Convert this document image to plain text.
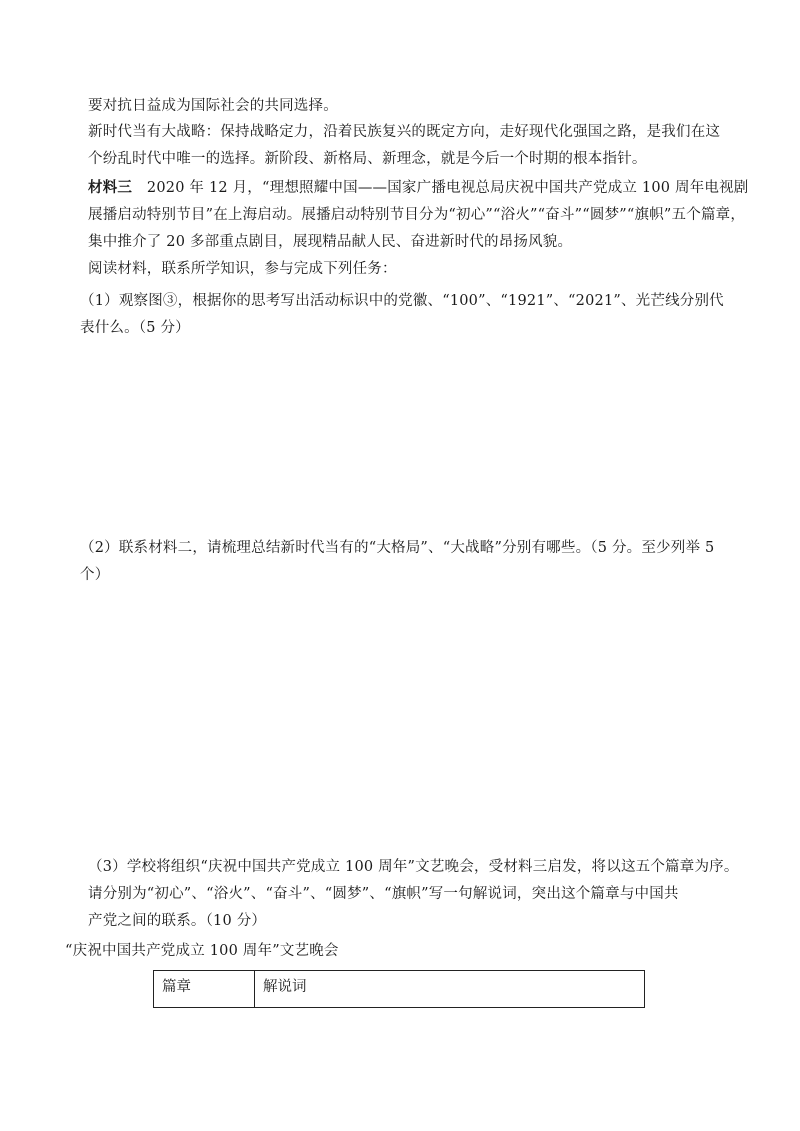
要对抗日益成为国际社会的共同选择。
新时代当有大战略：保持战略定力，沿着民族复兴的既定方向，走好现代化强国之路，是我们在这
个纷乱时代中唯一的选择。新阶段、新格局、新理念，就是今后一个时期的根本指针。
材料三 2020 年 12 月，“理想照耀中国——国家广播电视总局庆祝中国共产党成立 100 周年电视剧
展播启动特别节目”在上海启动。展播启动特别节目分为“初心”“浴火”“奋斗”“圆梦”“旗帜”五个篇章，
集中推介了 20 多部重点剧目，展现精品献人民、奋进新时代的昂扬风貌。
阅读材料，联系所学知识，参与完成下列任务：
（1）观察图③，根据你的思考写出活动标识中的党徽、“100”、“1921”、“2021”、光芒线分别代
表什么。（5 分）
（2）联系材料二，请梳理总结新时代当有的“大格局”、“大战略”分别有哪些。（5 分。至少列举 5
个）
（3）学校将组织“庆祝中国共产党成立 100 周年”文艺晚会，受材料三启发，将以这五个篇章为序。
请分别为“初心”、“浴火”、“奋斗”、“圆梦”、“旗帜”写一句解说词，突出这个篇章与中国共
产党之间的联系。（10 分）
“庆祝中国共产党成立 100 周年”文艺晚会
篇章	解说词
